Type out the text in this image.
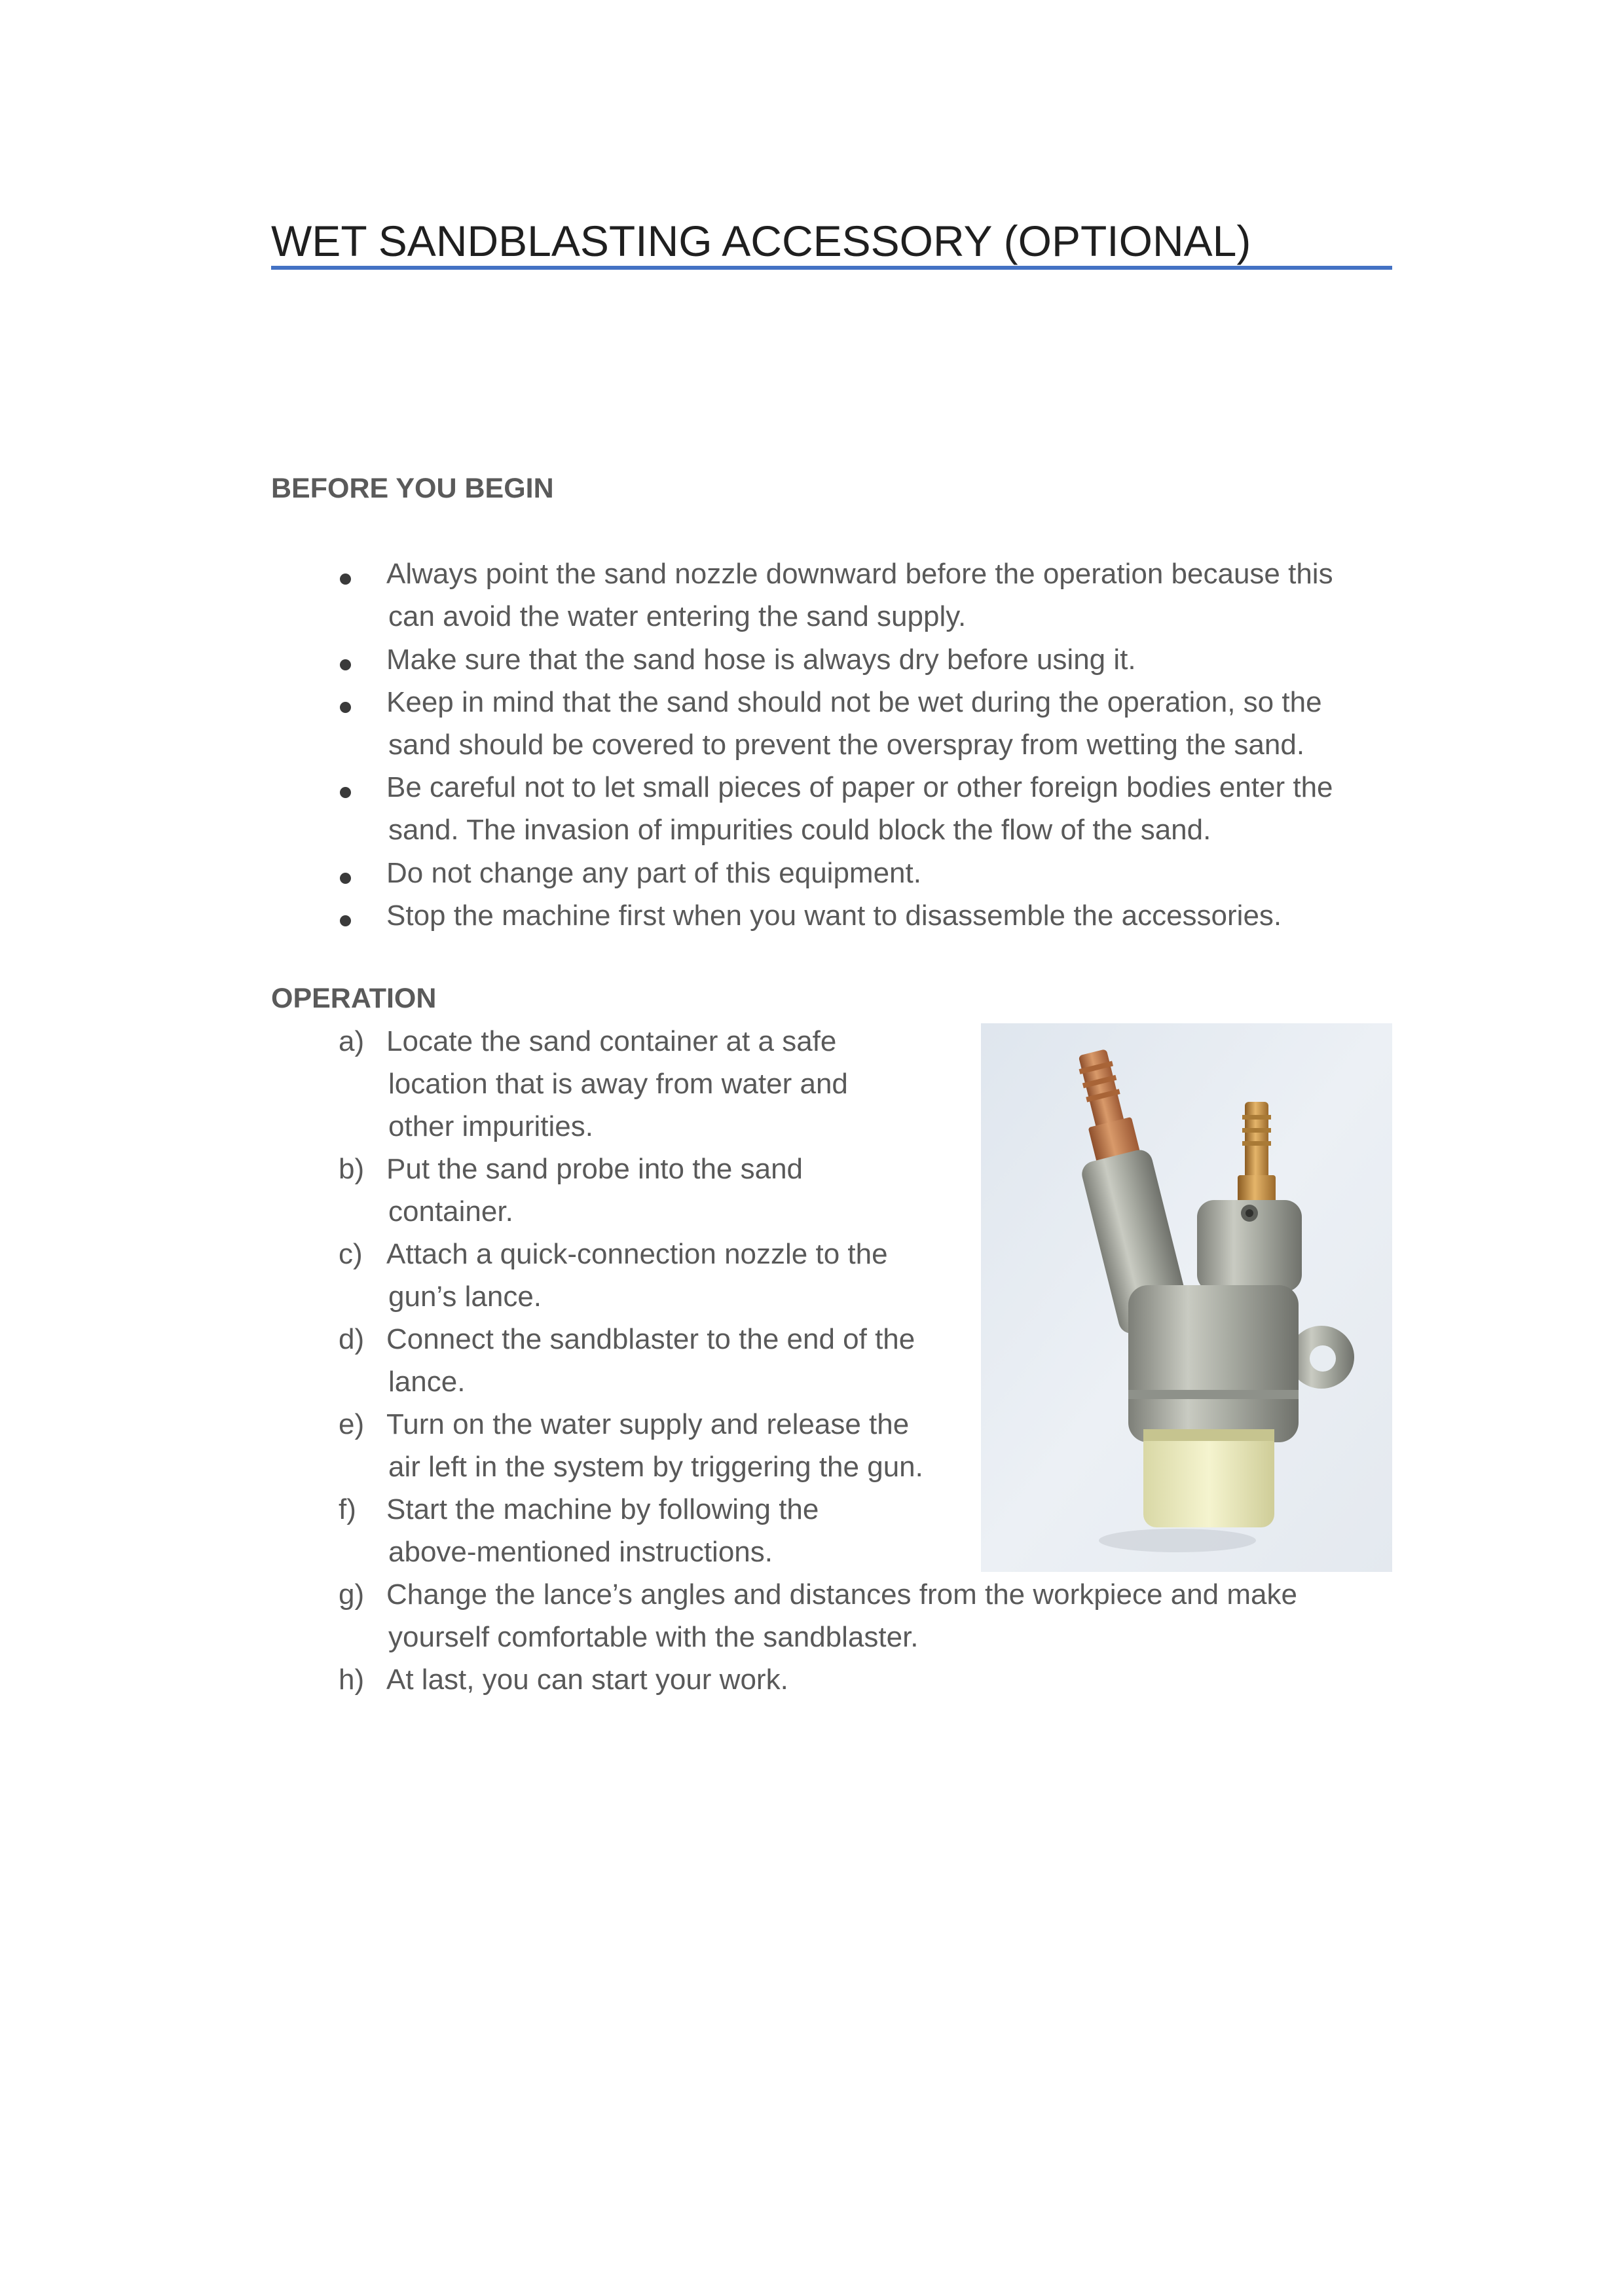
WET SANDBLASTING ACCESSORY (OPTIONAL)
BEFORE YOU BEGIN
Always point the sand nozzle downward before the operation because this
can avoid the water entering the sand supply.
Make sure that the sand hose is always dry before using it.
Keep in mind that the sand should not be wet during the operation, so the
sand should be covered to prevent the overspray from wetting the sand.
Be careful not to let small pieces of paper or other foreign bodies enter the
sand. The invasion of impurities could block the flow of the sand.
Do not change any part of this equipment.
Stop the machine first when you want to disassemble the accessories.
OPERATION
a) Locate the sand container at a safe
location that is away from water and
other impurities.
b) Put the sand probe into the sand
container.
c) Attach a quick-connection nozzle to the
gun’s lance.
d) Connect the sandblaster to the end of the
lance.
e) Turn on the water supply and release the
air left in the system by triggering the gun.
f) Start the machine by following the
above-mentioned instructions.
g) Change the lance’s angles and distances from the workpiece and make
yourself comfortable with the sandblaster.
h) At last, you can start your work.
